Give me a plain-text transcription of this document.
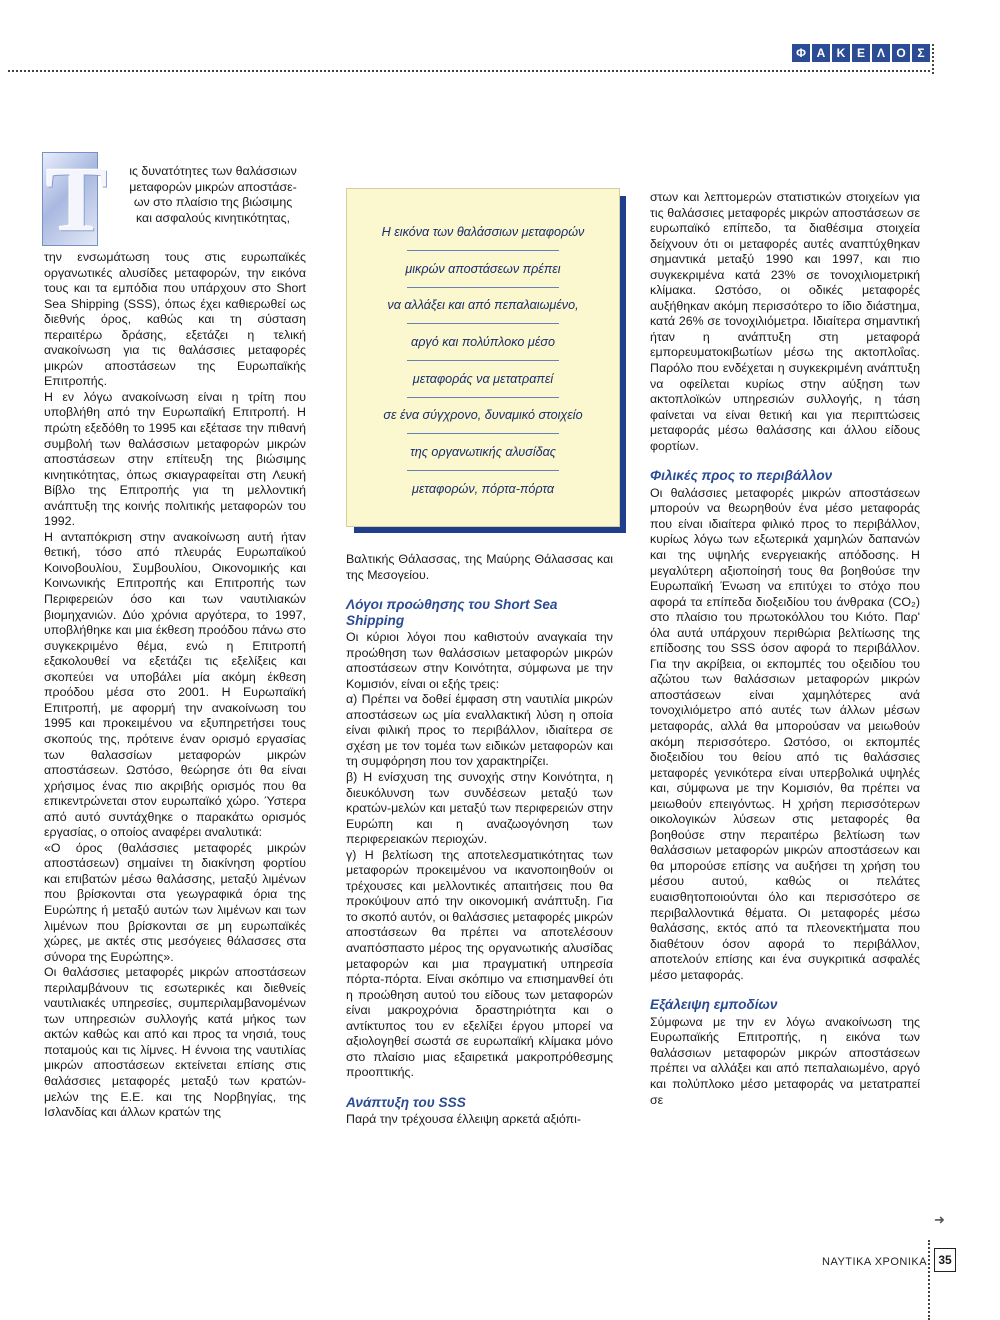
Φ Α Κ Ε Λ Ο Σ
Τ	ις δυνατότητες των θαλάσσιων

μεταφορών μικρών αποστάσε-

ων στο πλαίσιο της βιώσιμης

και ασφαλούς κινητικότητας,

την ενσωμάτωση τους στις ευρωπαϊκές οργανωτικές αλυσίδες μεταφορών, την εικόνα τους και τα εμπόδια που υπάρχουν στο Short Sea Shipping (SSS), όπως έχει καθιερωθεί ως διεθνής όρος, καθώς και τη σύσταση περαιτέρω δράσης, εξετάζει η τελική ανακοίνωση για τις θαλάσσιες μεταφορές μικρών αποστάσεων της Ευρωπαϊκής Επιτροπής.

Η εν λόγω ανακοίνωση είναι η τρίτη που υποβλήθη από την Ευρωπαϊκή Επιτροπή. Η πρώτη εξεδόθη το 1995 και εξέτασε την πιθανή συμβολή των θαλάσσιων μεταφορών μικρών αποστάσεων στην επίτευξη της βιώσιμης κινητικότητας, όπως σκιαγραφείται στη Λευκή Βίβλο της Επιτροπής για τη μελλοντική ανάπτυξη της κοινής πολιτικής μεταφορών του 1992.

Η ανταπόκριση στην ανακοίνωση αυτή ήταν θετική, τόσο από πλευράς Ευρωπαϊκού Κοινοβουλίου, Συμβουλίου, Οικονομικής και Κοινωνικής Επιτροπής και Επιτροπής των Περιφερειών όσο και των ναυτιλιακών βιομηχανιών. Δύο χρόνια αργότερα, το 1997, υποβλήθηκε και μια έκθεση προόδου πάνω στο συγκεκριμένο θέμα, ενώ η Επιτροπή εξακολουθεί να εξετάζει τις εξελίξεις και σκοπεύει να υποβάλει μία ακόμη έκθεση προόδου μέσα στο 2001. Η Ευρωπαϊκή Επιτροπή, με αφορμή την ανακοίνωση του 1995 και προκειμένου να εξυπηρετήσει τους σκοπούς της, πρότεινε έναν ορισμό εργασίας των θαλασσίων μεταφορών μικρών αποστάσεων. Ωστόσο, θεώρησε ότι θα είναι χρήσιμος ένας πιο ακριβής ορισμός που θα επικεντρώνεται στον ευρωπαϊκό χώρο. Ύστερα από αυτό συντάχθηκε ο παρακάτω ορισμός εργασίας, ο οποίος αναφέρει αναλυτικά:

«Ο όρος (θαλάσσιες μεταφορές μικρών αποστάσεων) σημαίνει τη διακίνηση φορτίου και επιβατών μέσω θαλάσσης, μεταξύ λιμένων που βρίσκονται στα γεωγραφικά όρια της Ευρώπης ή μεταξύ αυτών των λιμένων και των λιμένων που βρίσκονται σε μη ευρωπαϊκές χώρες, με ακτές στις μεσόγειες θάλασσες στα σύνορα της Ευρώπης».

Οι θαλάσσιες μεταφορές μικρών αποστάσεων περιλαμβάνουν τις εσωτερικές και διεθνείς ναυτιλιακές υπηρεσίες, συμπεριλαμβανομένων των υπηρεσιών συλλογής κατά μήκος των ακτών καθώς και από και προς τα νησιά, τους ποταμούς και τις λίμνες. Η έννοια της ναυτιλίας μικρών αποστάσεων εκτείνεται επίσης στις θαλάσσιες μεταφορές μεταξύ των κρατών-μελών της Ε.Ε. και της Νορβηγίας, της Ισλανδίας και άλλων κρατών της

Η εικόνα των θαλάσσιων μεταφορών
μικρών αποστάσεων πρέπει
να αλλάξει και από πεπαλαιωμένο,
αργό και πολύπλοκο μέσο
μεταφοράς να μετατραπεί
σε ένα σύγχρονο, δυναμικό στοιχείο
της οργανωτικής αλυσίδας
μεταφορών, πόρτα-πόρτα

Βαλτικής Θάλασσας, της Μαύρης Θάλασσας και της Μεσογείου.

Λόγοι προώθησης του Short Sea Shipping

Οι κύριοι λόγοι που καθιστούν αναγκαία την προώθηση των θαλάσσιων μεταφορών μικρών αποστάσεων στην Κοινότητα, σύμφωνα με την Κομισιόν, είναι οι εξής τρεις:

α) Πρέπει να δοθεί έμφαση στη ναυτιλία μικρών αποστάσεων ως μία εναλλακτική λύση η οποία είναι φιλική προς το περιβάλλον, ιδιαίτερα σε σχέση με τον τομέα των ειδικών μεταφορών και τη συμφόρηση που τον χαρακτηρίζει.

β) Η ενίσχυση της συνοχής στην Κοινότητα, η διευκόλυνση των συνδέσεων μεταξύ των κρατών-μελών και μεταξύ των περιφερειών στην Ευρώπη και η αναζωογόνηση των περιφερειακών περιοχών.

γ) Η βελτίωση της αποτελεσματικότητας των μεταφορών προκειμένου να ικανοποιηθούν οι τρέχουσες και μελλοντικές απαιτήσεις που θα προκύψουν από την οικονομική ανάπτυξη. Για το σκοπό αυτόν, οι θαλάσσιες μεταφορές μικρών αποστάσεων θα πρέπει να αποτελέσουν αναπόσπαστο μέρος της οργανωτικής αλυσίδας μεταφορών και μια πραγματική υπηρεσία πόρτα-πόρτα. Είναι σκόπιμο να επισημανθεί ότι η προώθηση αυτού του είδους των μεταφορών είναι μακροχρόνια δραστηριότητα και ο αντίκτυπος του εν εξελίξει έργου μπορεί να αξιολογηθεί σωστά σε ευρωπαϊκή κλίμακα μόνο στο πλαίσιο μιας εξαιρετικά μακροπρόθεσμης προοπτικής.

Ανάπτυξη του SSS

Παρά την τρέχουσα έλλειψη αρκετά αξιόπι-

στων και λεπτομερών στατιστικών στοιχείων για τις θαλάσσιες μεταφορές μικρών αποστάσεων σε ευρωπαϊκό επίπεδο, τα διαθέσιμα στοιχεία δείχνουν ότι οι μεταφορές αυτές αναπτύχθηκαν σημαντικά μεταξύ 1990 και 1997, και πιο συγκεκριμένα κατά 23% σε τονοχιλιομετρική κλίμακα. Ωστόσο, οι οδικές μεταφορές αυξήθηκαν ακόμη περισσότερο το ίδιο διάστημα, κατά 26% σε τονοχιλιόμετρα. Ιδιαίτερα σημαντική ήταν η ανάπτυξη στη μεταφορά εμπορευματοκιβωτίων μέσω της ακτοπλοΐας. Παρόλο που ενδέχεται η συγκεκριμένη ανάπτυξη να οφείλεται κυρίως στην αύξηση των ακτοπλοϊκών υπηρεσιών συλλογής, η τάση φαίνεται να είναι θετική και για περιπτώσεις μεταφοράς μέσω θαλάσσης και άλλου είδους φορτίων.

Φιλικές προς το περιβάλλον

Οι θαλάσσιες μεταφορές μικρών αποστάσεων μπορούν να θεωρηθούν ένα μέσο μεταφοράς που είναι ιδιαίτερα φιλικό προς το περιβάλλον, κυρίως λόγω των εξωτερικά χαμηλών δαπανών και της υψηλής ενεργειακής απόδοσης. Η μεγαλύτερη αξιοποίησή τους θα βοηθούσε την Ευρωπαϊκή Ένωση να επιτύχει το στόχο που αφορά τα επίπεδα διοξειδίου του άνθρακα (CO₂) στο πλαίσιο του πρωτοκόλλου του Κιότο. Παρ' όλα αυτά υπάρχουν περιθώρια βελτίωσης της επίδοσης του SSS όσον αφορά το περιβάλλον. Για την ακρίβεια, οι εκπομπές του οξειδίου του αζώτου των θαλάσσιων μεταφορών μικρών αποστάσεων είναι χαμηλότερες ανά τονοχιλιόμετρο από αυτές των άλλων μέσων μεταφοράς, αλλά θα μπορούσαν να μειωθούν ακόμη περισσότερο. Ωστόσο, οι εκπομπές διοξειδίου του θείου από τις θαλάσσιες μεταφορές γενικότερα είναι υπερβολικά υψηλές και, σύμφωνα με την Κομισιόν, θα πρέπει να μειωθούν επειγόντως. Η χρήση περισσότερων οικολογικών λύσεων στις μεταφορές θα βοηθούσε στην περαιτέρω βελτίωση των θαλάσσιων μεταφορών μικρών αποστάσεων και θα μπορούσε επίσης να αυξήσει τη χρήση του μέσου αυτού, καθώς οι πελάτες ευαισθητοποιούνται όλο και περισσότερο σε περιβαλλοντικά θέματα. Οι μεταφορές μέσω θαλάσσης, εκτός από τα πλεονεκτήματα που διαθέτουν όσον αφορά το περιβάλλον, αποτελούν επίσης και ένα συγκριτικά ασφαλές μέσο μεταφοράς.

Εξάλειψη εμποδίων

Σύμφωνα με την εν λόγω ανακοίνωση της Ευρωπαϊκής Επιτροπής, η εικόνα των θαλάσσιων μεταφορών μικρών αποστάσεων πρέπει να αλλάξει και από πεπαλαιωμένο, αργό και πολύπλοκο μέσο μεταφοράς να μετατραπεί σε

➜
ΝΑΥΤΙΚΑ ΧΡΟΝΙΚΑ 35
